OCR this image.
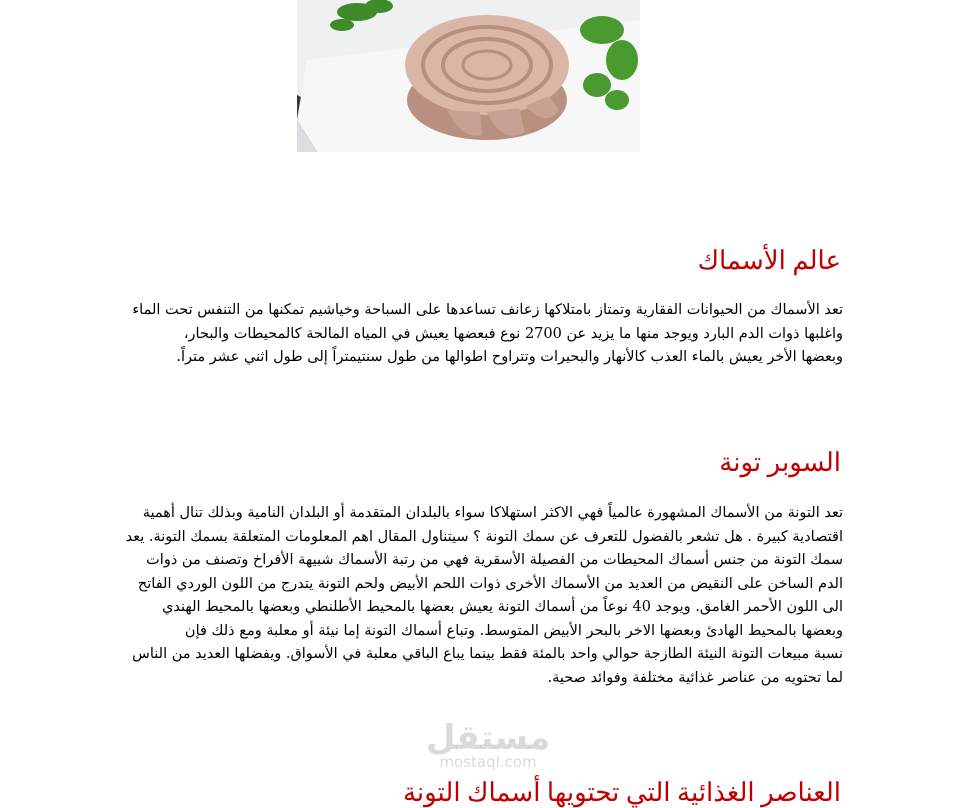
عالم الأسماك

تعد الأسماك من الحيوانات الفقارية وتمتاز بامتلاكها زعانف تساعدها على السباحة وخياشيم تمكنها من التنفس تحت الماء
واغلبها ذوات الدم البارد ويوجد منها ما يزيد عن 2700 نوع فبعضها يعيش في المياه المالحة كالمحيطات والبحار،
وبعضها الأخر يعيش بالماء العذب كالأنهار والبحيرات وتتراوح اطوالها من طول سنتيمتراً إلى طول اثني عشر متراً.

السوبر تونة

تعد التونة من الأسماك المشهورة عالمياً فهي الاكثر استهلاكا سواء بالبلدان المتقدمة أو البلدان النامية وبذلك تنال أهمية
اقتصادية كبيرة . هل تشعر بالفضول للتعرف عن سمك التونة ؟ سيتناول المقال اهم المعلومات المتعلقة بسمك التونة. يعد
سمك التونة من جنس أسماك المحيطات من الفصيلة الأسقرية فهي من رتبة الأسماك شبيهة الأفراخ وتصنف من ذوات
الدم الساخن على النقيض من العديد من الأسماك الأخرى ذوات اللحم الأبيض ولحم التونة يتدرج من اللون الوردي الفاتح
الى اللون الأحمر الغامق. ويوجد 40 نوعاً من أسماك التونة يعيش بعضها بالمحيط الأطلنطي وبعضها بالمحيط الهندي
وبعضها بالمحيط الهادئ وبعضها الاخر بالبحر الأبيض المتوسط. وتباع أسماك التونة إما نيئة أو معلبة ومع ذلك فإن
نسبة مبيعات التونة النيئة الطازجة حوالي واحد بالمئة فقط بينما يباع الباقي معلبة في الأسواق. ويفضلها العديد من الناس
لما تحتويه من عناصر غذائية مختلفة وفوائد صحية.

مستقل
mostaql.com
العناصر الغذائية التي تحتويها أسماك التونة
